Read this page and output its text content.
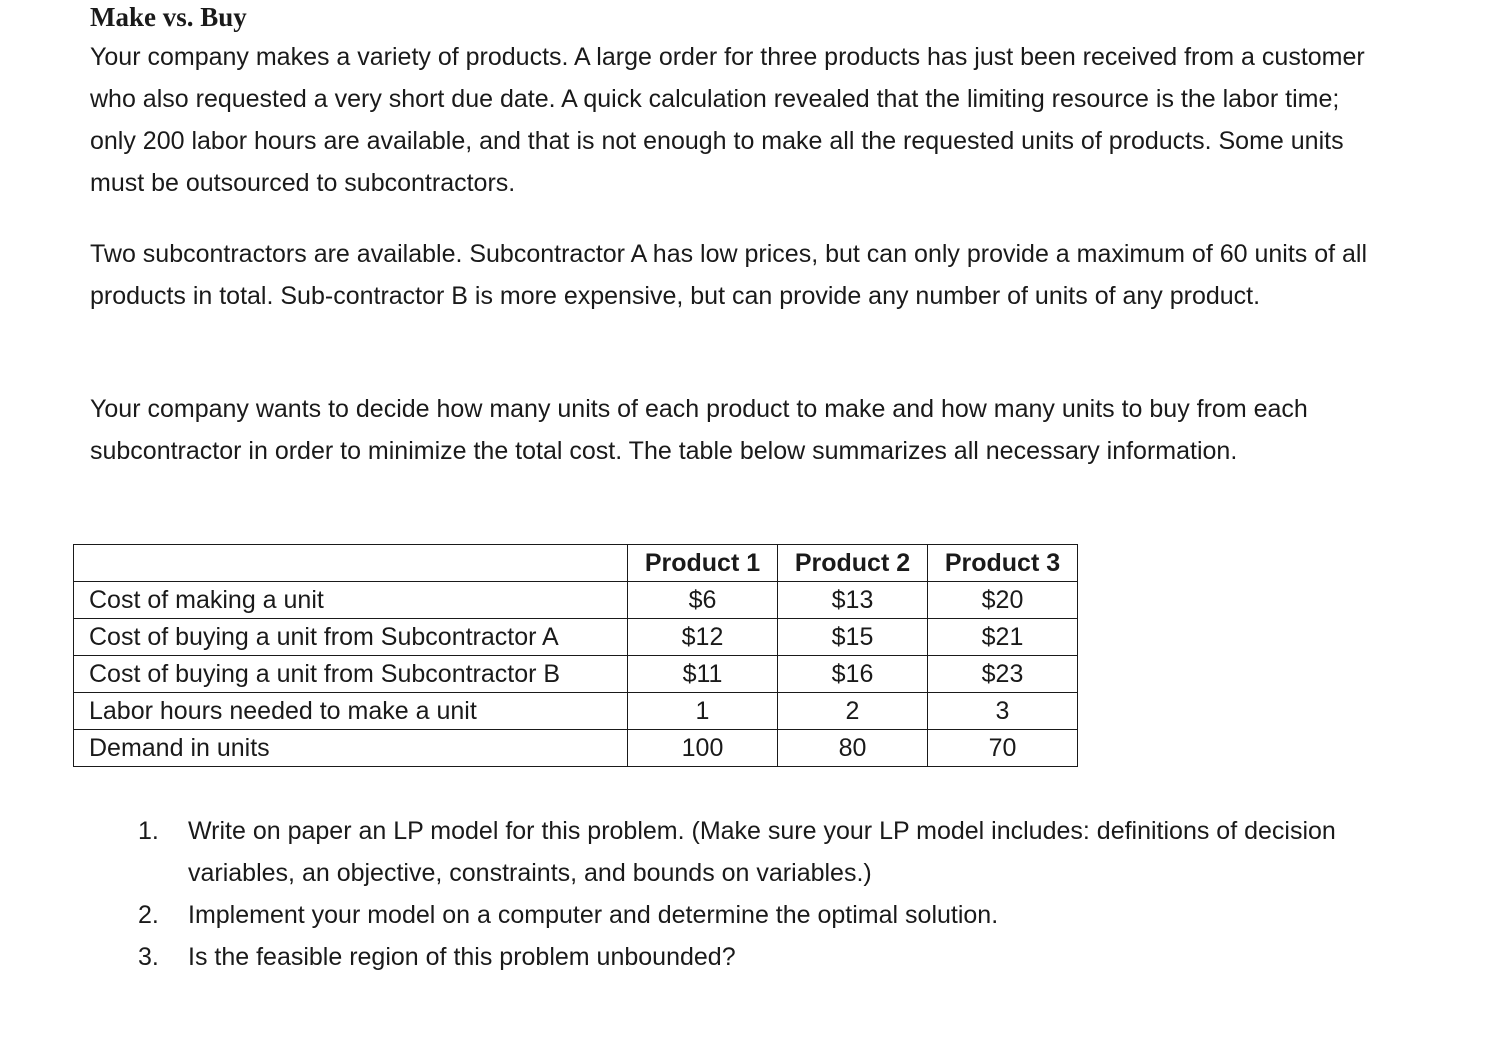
Make vs. Buy

Your company makes a variety of products. A large order for three products has just been received from a customer who also requested a very short due date. A quick calculation revealed that the limiting resource is the labor time; only 200 labor hours are available, and that is not enough to make all the requested units of products. Some units must be outsourced to subcontractors.

Two subcontractors are available. Subcontractor A has low prices, but can only provide a maximum of 60 units of all products in total. Sub-contractor B is more expensive, but can provide any number of units of any product.

Your company wants to decide how many units of each product to make and how many units to buy from each subcontractor in order to minimize the total cost. The table below summarizes all necessary information.

	Product 1	Product 2	Product 3
Cost of making a unit	$6	$13	$20
Cost of buying a unit from Subcontractor A	$12	$15	$21
Cost of buying a unit from Subcontractor B	$11	$16	$23
Labor hours needed to make a unit	1	2	3
Demand in units	100	80	70
1. Write on paper an LP model for this problem. (Make sure your LP model includes: definitions of decision variables, an objective, constraints, and bounds on variables.)
2. Implement your model on a computer and determine the optimal solution.
3. Is the feasible region of this problem unbounded?
